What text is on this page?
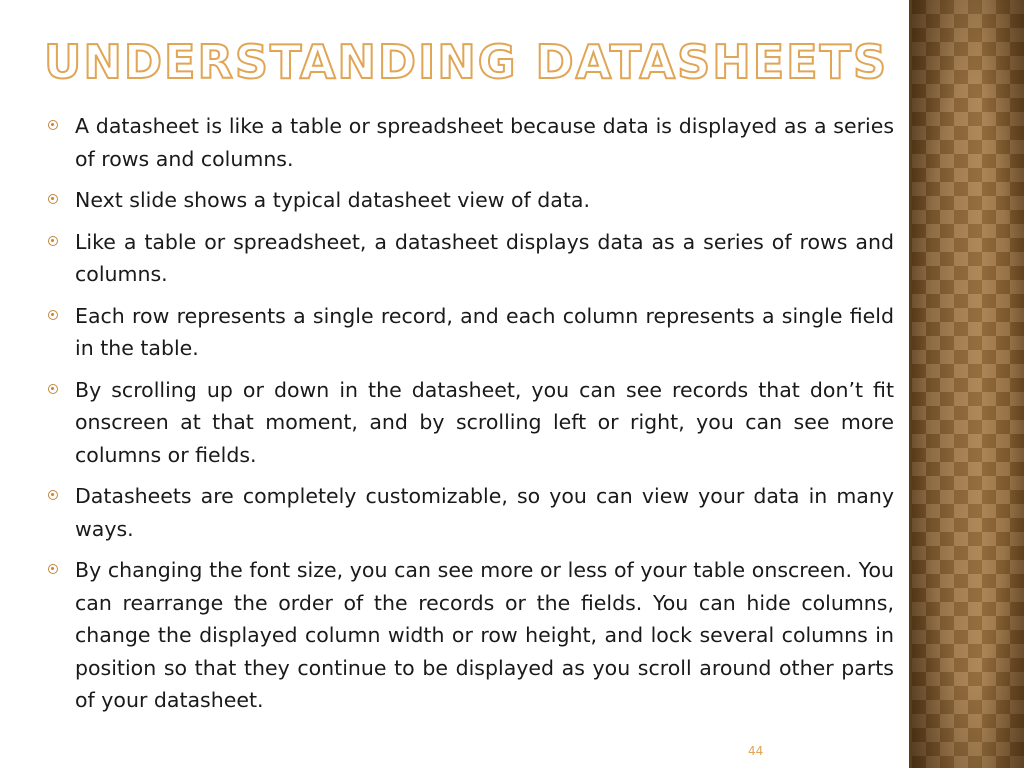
UNDERSTANDING DATASHEETS
A datasheet is like a table or spreadsheet because data is displayed as a series of rows and columns.
Next slide shows a typical datasheet view of data.
Like a table or spreadsheet, a datasheet displays data as a series of rows and columns.
Each row represents a single record, and each column represents a single field in the table.
By scrolling up or down in the datasheet, you can see records that don’t fit onscreen at that moment, and by scrolling left or right, you can see more columns or fields.
Datasheets are completely customizable, so you can view your data in many ways.
By changing the font size, you can see more or less of your table onscreen. You can rearrange the order of the records or the fields. You can hide columns, change the displayed column width or row height, and lock several columns in position so that they continue to be displayed as you scroll around other parts of your datasheet.
44
